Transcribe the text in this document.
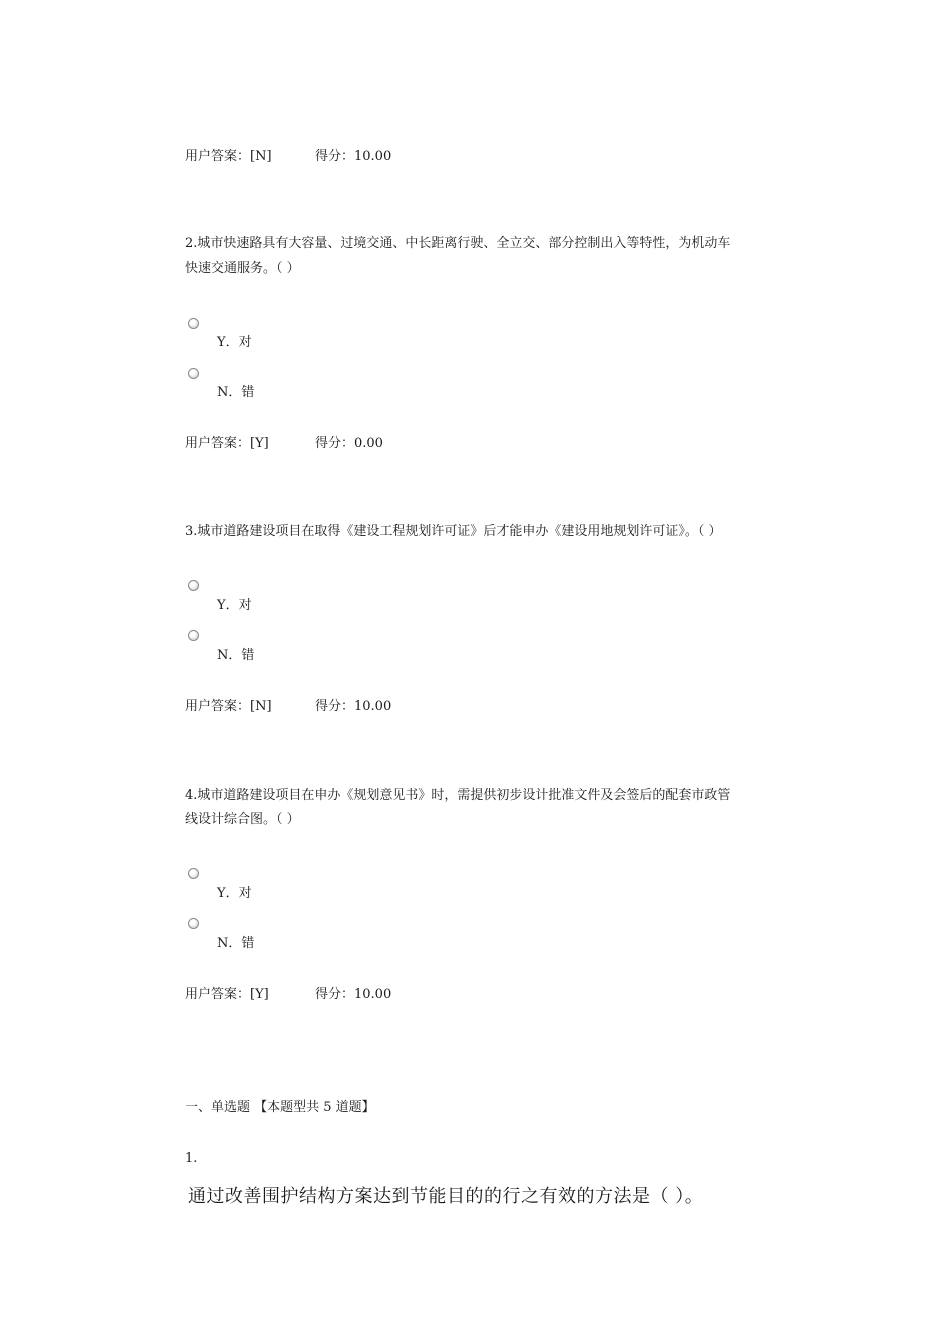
用户答案：[N]	得分：10.00
2.城市快速路具有大容量、过境交通、中长距离行驶、全立交、部分控制出入等特性，为机动车
快速交通服务。（ ）
Y．对
N．错
用户答案：[Y]	得分：0.00
3.城市道路建设项目在取得《建设工程规划许可证》后才能申办《建设用地规划许可证》。（ ）
Y．对
N．错
用户答案：[N]	得分：10.00
4.城市道路建设项目在申办《规划意见书》时，需提供初步设计批准文件及会签后的配套市政管
线设计综合图。（ ）
Y．对
N．错
用户答案：[Y]	得分：10.00
一、单选题 【本题型共 5 道题】
1.
通过改善围护结构方案达到节能目的的行之有效的方法是（ ）。
